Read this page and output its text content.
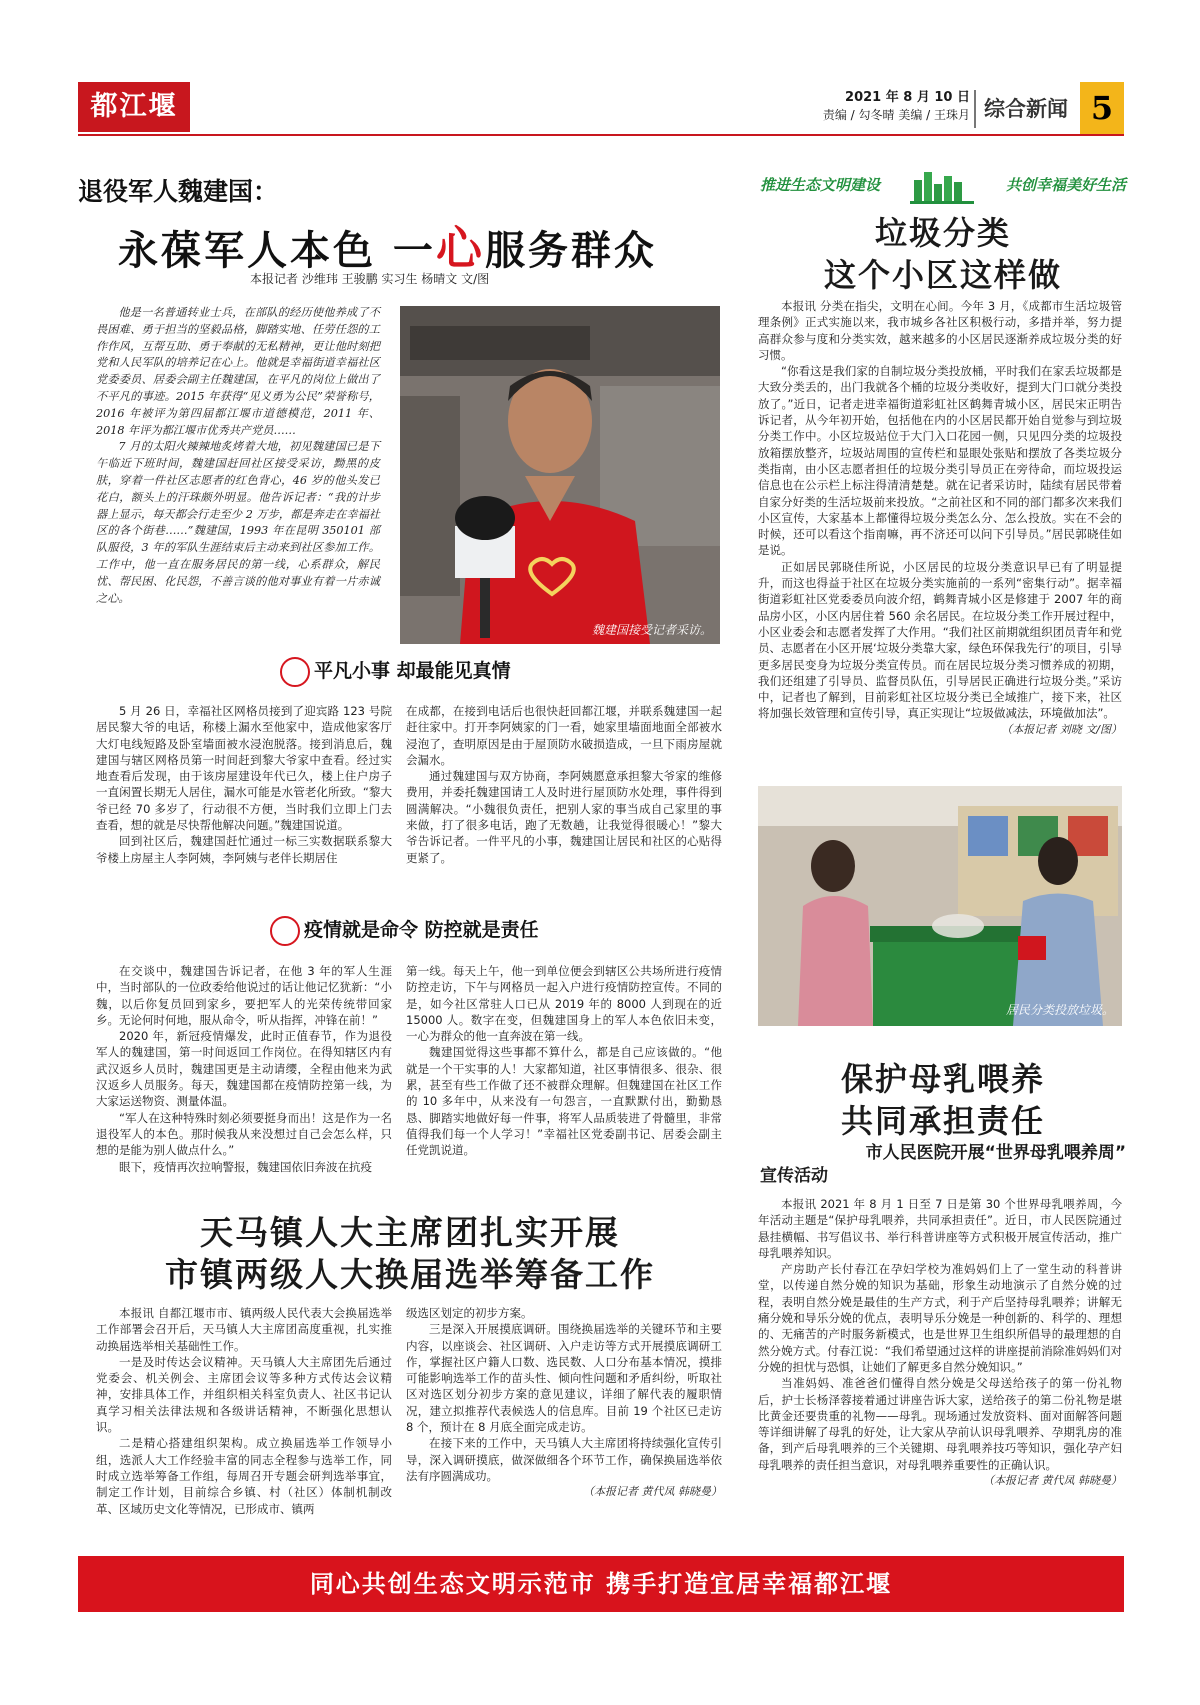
都江堰报
2021 年 8 月 10 日
责编 / 勾冬晴 美编 / 王珠月 综合新闻 5
退役军人魏建国：
永葆军人本色 一心服务群众
本报记者 沙维玮 王骏鹏 实习生 杨晴文 文/图

他是一名普通转业士兵，在部队的经历使他养成了不畏困难、勇于担当的坚毅品格，脚踏实地、任劳任怨的工作作风，互帮互助、勇于奉献的无私精神，更让他时刻把党和人民军队的培养记在心上。他就是幸福街道幸福社区党委委员、居委会副主任魏建国，在平凡的岗位上做出了不平凡的事迹。2015 年获得“见义勇为公民”荣誉称号，2016 年被评为第四届都江堰市道德模范，2011 年、2018 年评为都江堰市优秀共产党员……

7 月的太阳火辣辣地炙烤着大地，初见魏建国已是下午临近下班时间，魏建国赶回社区接受采访，黝黑的皮肤，穿着一件社区志愿者的红色背心，46 岁的他头发已花白，额头上的汗珠颇外明显。他告诉记者：“我的计步器上显示，每天都会行走至少 2 万步，都是奔走在幸福社区的各个街巷……”魏建国，1993 年在昆明 350101 部队服役，3 年的军队生涯结束后主动来到社区参加工作。工作中，他一直在服务居民的第一线，心系群众，解民忧、帮民困、化民怨，不善言谈的他对事业有着一片赤诚之心。

魏建国接受记者采访。
平凡小事 却最能见真情

5 月 26 日，幸福社区网格员接到了迎宾路 123 号院居民黎大爷的电话，称楼上漏水至他家中，造成他家客厅大灯电线短路及卧室墙面被水浸泡脱落。接到消息后，魏建国与辖区网格员第一时间赶到黎大爷家中查看。经过实地查看后发现，由于该房屋建设年代已久，楼上住户房子一直闲置长期无人居住，漏水可能是水管老化所致。“黎大爷已经 70 多岁了，行动很不方便，当时我们立即上门去查看，想的就是尽快帮他解决问题。”魏建国说道。

回到社区后，魏建国赶忙通过一标三实数据联系黎大爷楼上房屋主人李阿姨，李阿姨与老伴长期居住

在成都，在接到电话后也很快赶回都江堰，并联系魏建国一起赶往家中。打开李阿姨家的门一看，她家里墙面地面全部被水浸泡了，查明原因是由于屋顶防水破损造成，一旦下雨房屋就会漏水。

通过魏建国与双方协商，李阿姨愿意承担黎大爷家的维修费用，并委托魏建国请工人及时进行屋顶防水处理，事件得到圆满解决。“小魏很负责任，把别人家的事当成自己家里的事来做，打了很多电话，跑了无数趟，让我觉得很暖心！”黎大爷告诉记者。一件平凡的小事，魏建国让居民和社区的心贴得更紧了。

疫情就是命令 防控就是责任

在交谈中，魏建国告诉记者，在他 3 年的军人生涯中，当时部队的一位政委给他说过的话让他记忆犹新：“小魏，以后你复员回到家乡，要把军人的光荣传统带回家乡。无论何时何地，服从命令，听从指挥，冲锋在前！”

2020 年，新冠疫情爆发，此时正值春节，作为退役军人的魏建国，第一时间返回工作岗位。在得知辖区内有武汉返乡人员时，魏建国更是主动请缨，全程由他来为武汉返乡人员服务。每天，魏建国都在疫情防控第一线，为大家运送物资、测量体温。

“军人在这种特殊时刻必须要挺身而出！这是作为一名退役军人的本色。那时候我从来没想过自己会怎么样，只想的是能为别人做点什么。”

眼下，疫情再次拉响警报，魏建国依旧奔波在抗疫

第一线。每天上午，他一到单位便会到辖区公共场所进行疫情防控走访，下午与网格员一起入户进行疫情防控宣传。不同的是，如今社区常驻人口已从 2019 年的 8000 人到现在的近 15000 人。数字在变，但魏建国身上的军人本色依旧未变，一心为群众的他一直奔波在第一线。

魏建国觉得这些事都不算什么，都是自己应该做的。“他就是一个干实事的人！大家都知道，社区事情很多、很杂、很累，甚至有些工作做了还不被群众理解。但魏建国在社区工作的 10 多年中，从来没有一句怨言，一直默默付出，勤勤恳恳、脚踏实地做好每一件事，将军人品质装进了骨髓里，非常值得我们每一个人学习！”幸福社区党委副书记、居委会副主任党凯说道。

天马镇人大主席团扎实开展
市镇两级人大换届选举筹备工作

本报讯 自都江堰市市、镇两级人民代表大会换届选举工作部署会召开后，天马镇人大主席团高度重视，扎实推动换届选举相关基础性工作。

一是及时传达会议精神。天马镇人大主席团先后通过党委会、机关例会、主席团会议等多种方式传达会议精神，安排具体工作，并组织相关科室负责人、社区书记认真学习相关法律法规和各级讲话精神，不断强化思想认识。

二是精心搭建组织架构。成立换届选举工作领导小组，选派人大工作经验丰富的同志全程参与选举工作，同时成立选举筹备工作组，每周召开专题会研判选举事宜，制定工作计划，目前综合乡镇、村（社区）体制机制改革、区域历史文化等情况，已形成市、镇两

级选区划定的初步方案。

三是深入开展摸底调研。围绕换届选举的关键环节和主要内容，以座谈会、社区调研、入户走访等方式开展摸底调研工作，掌握社区户籍人口数、选民数、人口分布基本情况，摸排可能影响选举工作的苗头性、倾向性问题和矛盾纠纷，听取社区对选区划分初步方案的意见建议，详细了解代表的履职情况，建立拟推荐代表候选人的信息库。目前 19 个社区已走访 8 个，预计在 8 月底全面完成走访。

在接下来的工作中，天马镇人大主席团将持续强化宣传引导，深入调研摸底，做深做细各个环节工作，确保换届选举依法有序圆满成功。

（本报记者 黄代凤 韩晓曼）

推进生态文明建设	共创幸福美好生活
垃圾分类
这个小区这样做

本报讯 分类在指尖，文明在心间。今年 3 月，《成都市生活垃圾管理条例》正式实施以来，我市城乡各社区积极行动，多措并举，努力提高群众参与度和分类实效，越来越多的小区居民逐渐养成垃圾分类的好习惯。

“你看这是我们家的自制垃圾分类投放桶，平时我们在家丢垃圾都是大致分类丢的，出门我就各个桶的垃圾分类收好，提到大门口就分类投放了。”近日，记者走进幸福街道彩虹社区鹤舞青城小区，居民宋正明告诉记者，从今年初开始，包括他在内的小区居民都开始自觉参与到垃圾分类工作中。小区垃圾站位于大门入口花园一侧，只见四分类的垃圾投放箱摆放整齐，垃圾站周围的宣传栏和显眼处张贴和摆放了各类垃圾分类指南，由小区志愿者担任的垃圾分类引导员正在旁待命，而垃圾投运信息也在公示栏上标注得清清楚楚。就在记者采访时，陆续有居民带着自家分好类的生活垃圾前来投放。“之前社区和不同的部门都多次来我们小区宣传，大家基本上都懂得垃圾分类怎么分、怎么投放。实在不会的时候，还可以看这个指南嘛，再不济还可以问下引导员。”居民郭晓佳如是说。

正如居民郭晓佳所说，小区居民的垃圾分类意识早已有了明显提升，而这也得益于社区在垃圾分类实施前的一系列“密集行动”。据幸福街道彩虹社区党委委员向波介绍，鹤舞青城小区是修建于 2007 年的商品房小区，小区内居住着 560 余名居民。在垃圾分类工作开展过程中，小区业委会和志愿者发挥了大作用。“我们社区前期就组织团员青年和党员、志愿者在小区开展‘垃圾分类靠大家，绿色环保我先行’的项目，引导更多居民变身为垃圾分类宣传员。而在居民垃圾分类习惯养成的初期，我们还组建了引导员、监督员队伍，引导居民正确进行垃圾分类。”采访中，记者也了解到，目前彩虹社区垃圾分类已全域推广，接下来，社区将加强长效管理和宣传引导，真正实现让“垃圾做减法，环境做加法”。

（本报记者 刘晓 文/图）

居民分类投放垃圾。
保护母乳喂养
共同承担责任
市人民医院开展“世界母乳喂养周”
宣传活动

本报讯 2021 年 8 月 1 日至 7 日是第 30 个世界母乳喂养周，今年活动主题是“保护母乳喂养，共同承担责任”。近日，市人民医院通过悬挂横幅、书写倡议书、举行科普讲座等方式积极开展宣传活动，推广母乳喂养知识。

产房助产长付春江在孕妇学校为准妈妈们上了一堂生动的科普讲堂，以传递自然分娩的知识为基础，形象生动地演示了自然分娩的过程，表明自然分娩是最佳的生产方式，利于产后坚持母乳喂养；讲解无痛分娩和导乐分娩的优点，表明导乐分娩是一种创新的、科学的、理想的、无痛苦的产时服务新模式，也是世界卫生组织所倡导的最理想的自然分娩方式。付春江说：“我们希望通过这样的讲座提前消除准妈妈们对分娩的担忧与恐惧，让她们了解更多自然分娩知识。”

当准妈妈、准爸爸们懂得自然分娩是父母送给孩子的第一份礼物后，护士长杨泽蓉接着通过讲座告诉大家，送给孩子的第二份礼物是堪比黄金还要贵重的礼物——母乳。现场通过发放资料、面对面解答问题等详细讲解了母乳的好处，让大家从孕前认识母乳喂养、孕期乳房的准备，到产后母乳喂养的三个关键期、母乳喂养技巧等知识，强化孕产妇母乳喂养的责任担当意识，对母乳喂养重要性的正确认识。

（本报记者 黄代凤 韩晓曼）

同心共创生态文明示范市 携手打造宜居幸福都江堰
